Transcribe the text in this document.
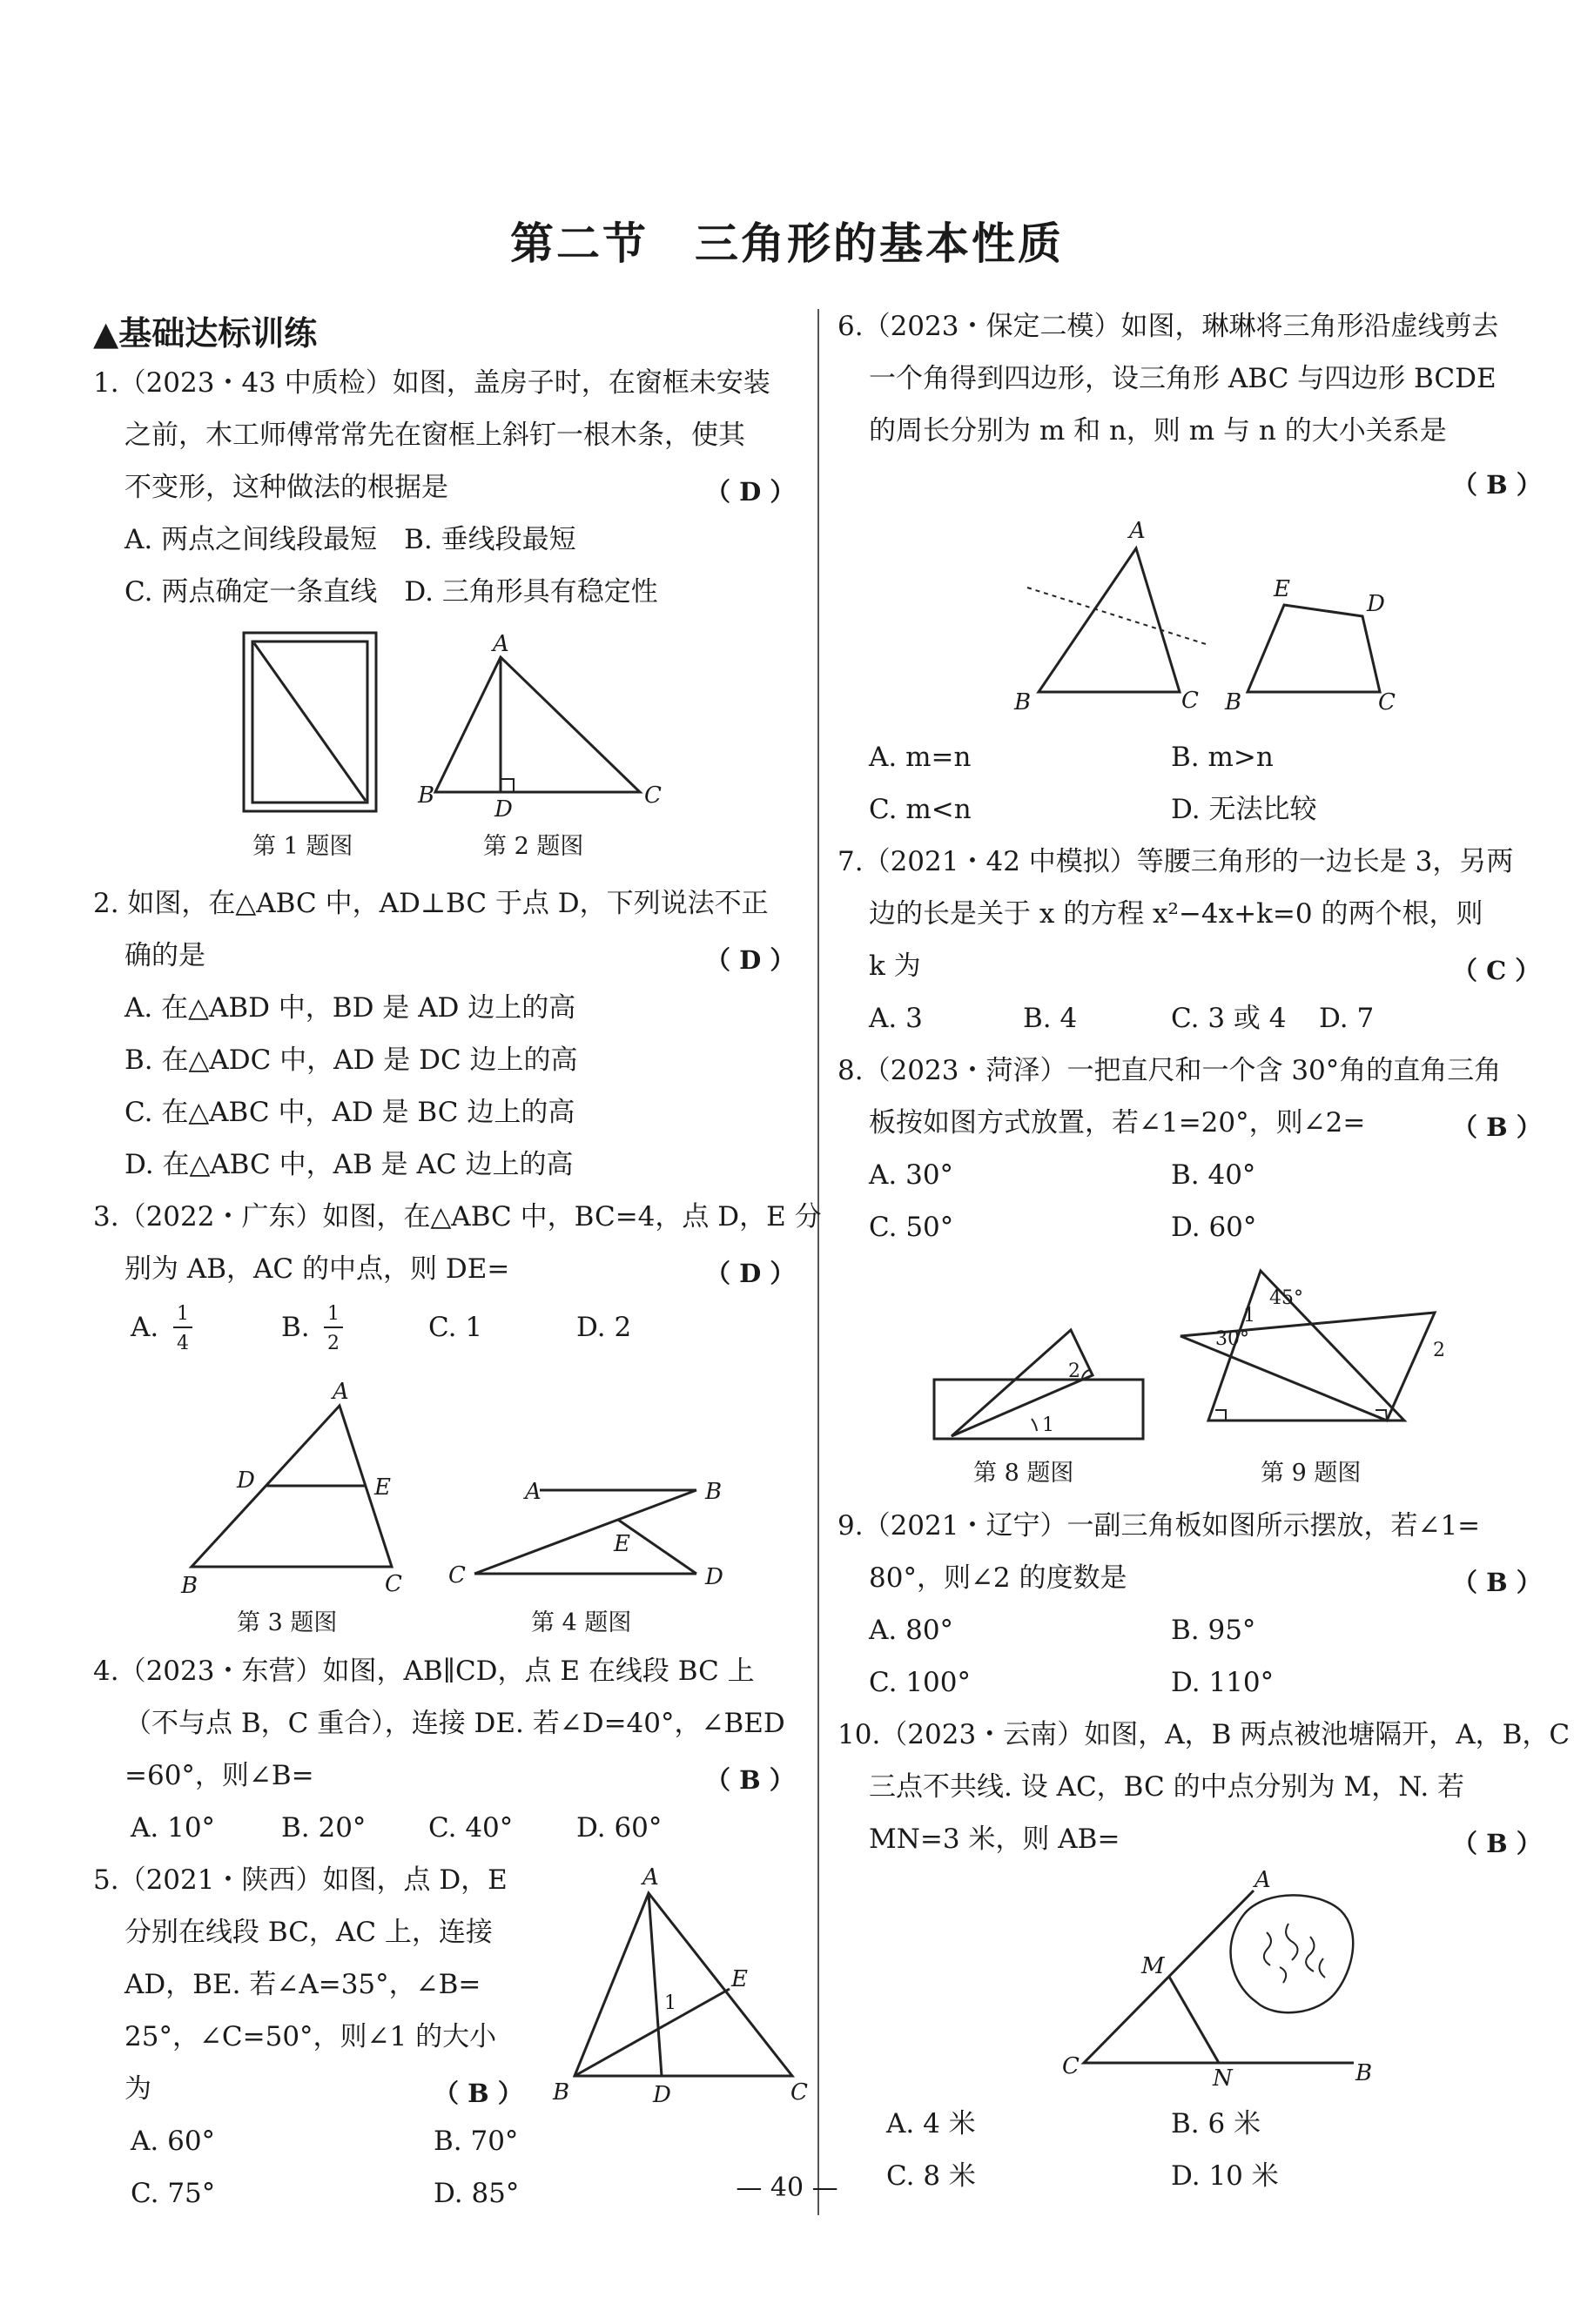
第二节　三角形的基本性质
▲基础达标训练
1.（2023・43 中质检）如图，盖房子时，在窗框未安装
之前，木工师傅常常先在窗框上斜钉一根木条，使其
不变形，这种做法的根据是	（ D ）
A. 两点之间线段最短　B. 垂线段最短
C. 两点确定一条直线　D. 三角形具有稳定性
第 1 题图
A
B
D
C
第 2 题图
2. 如图，在△ABC 中，AD⊥BC 于点 D，下列说法不正
确的是	（ D ）
A. 在△ABD 中，BD 是 AD 边上的高
B. 在△ADC 中，AD 是 DC 边上的高
C. 在△ABC 中，AD 是 BC 边上的高
D. 在△ABC 中，AB 是 AC 边上的高
3.（2022・广东）如图，在△ABC 中，BC=4，点 D，E 分
别为 AB，AC 的中点，则 DE=	（ D ）
A. 1
4
B. 1
2
C. 1	D. 2
A
D	E
B	C
第 3 题图
A	B
E
C	D
第 4 题图
4.（2023・东营）如图，AB∥CD，点 E 在线段 BC 上
（不与点 B，C 重合），连接 DE. 若∠D=40°，∠BED
=60°，则∠B=	（ B ）
A. 10° B. 20° C. 40° D. 60°
5.（2021・陕西）如图，点 D，E
分别在线段 BC，AC 上，连接
AD，BE. 若∠A=35°，∠B=
25°，∠C=50°，则∠1 的大小
为	（ B ）
A. 60°	B. 70°
C. 75°	D. 85°
A
E
1
B	D	C
6.（2023・保定二模）如图，琳琳将三角形沿虚线剪去
一个角得到四边形，设三角形 ABC 与四边形 BCDE
的周长分别为 m 和 n，则 m 与 n 的大小关系是
（ B ）
A
B	C
E
D
B	C
A. m=n	B. m>n
C. m<n	D. 无法比较
7.（2021・42 中模拟）等腰三角形的一边长是 3，另两
边的长是关于 x 的方程 x²−4x+k=0 的两个根，则
k 为	（ C ）
A. 3	B. 4	C. 3 或 4 D. 7
8.（2023・菏泽）一把直尺和一个含 30°角的直角三角
板按如图方式放置，若∠1=20°，则∠2=	（ B ）
A. 30°	B. 40°
C. 50°	D. 60°
2
1
第 8 题图
45°
1
30°
2
第 9 题图
9.（2021・辽宁）一副三角板如图所示摆放，若∠1=
80°，则∠2 的度数是	（ B ）
A. 80°	B. 95°
C. 100°	D. 110°
10.（2023・云南）如图，A，B 两点被池塘隔开，A，B，C
三点不共线. 设 AC，BC 的中点分别为 M，N. 若
MN=3 米，则 AB=	（ B ）
A
M
C	N	B
A. 4 米	B. 6 米
C. 8 米	D. 10 米
— 40 —
